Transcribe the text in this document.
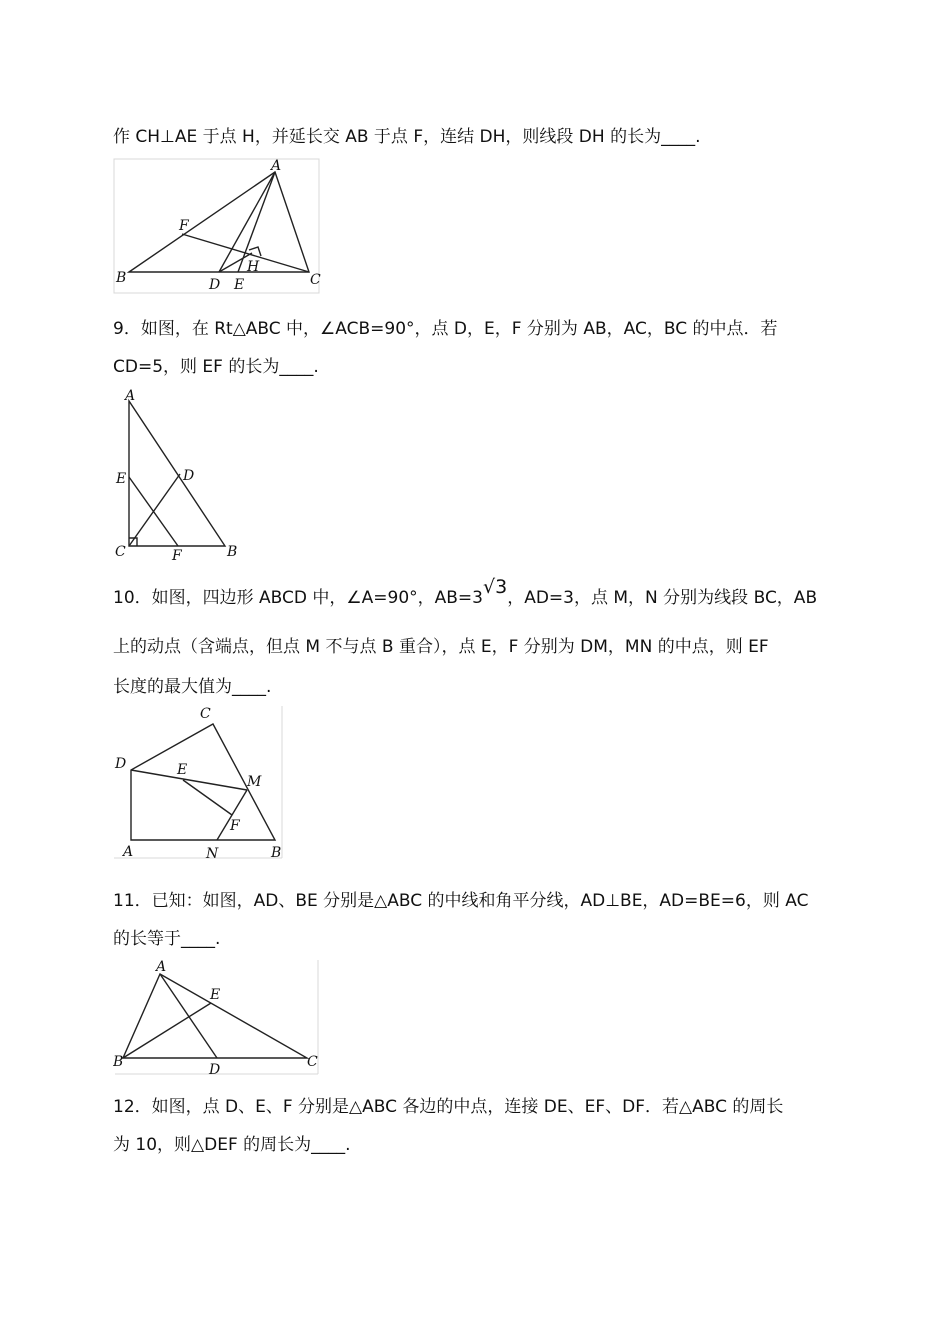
作 CH⊥AE 于点 H，并延长交 AB 于点 F，连结 DH，则线段 DH 的长为____.
A
B	C
D E
F
H
9．如图，在 Rt△ABC 中，∠ACB=90°，点 D，E，F 分别为 AB，AC，BC 的中点．若
CD=5，则 EF 的长为____.
A
B
C
D
E
F
10．如图，四边形 ABCD 中，∠A=90°，AB=3√3，AD=3，点 M，N 分别为线段 BC，AB
上的动点（含端点，但点 M 不与点 B 重合），点 E，F 分别为 DM，MN 的中点，则 EF
长度的最大值为____.
A	B
C
D	E
F
M
N
11．已知：如图，AD、BE 分别是△ABC 的中线和角平分线，AD⊥BE，AD=BE=6，则 AC
的长等于____.
A
B	C
D
E
12．如图，点 D、E、F 分别是△ABC 各边的中点，连接 DE、EF、DF．若△ABC 的周长
为 10，则△DEF 的周长为____.
